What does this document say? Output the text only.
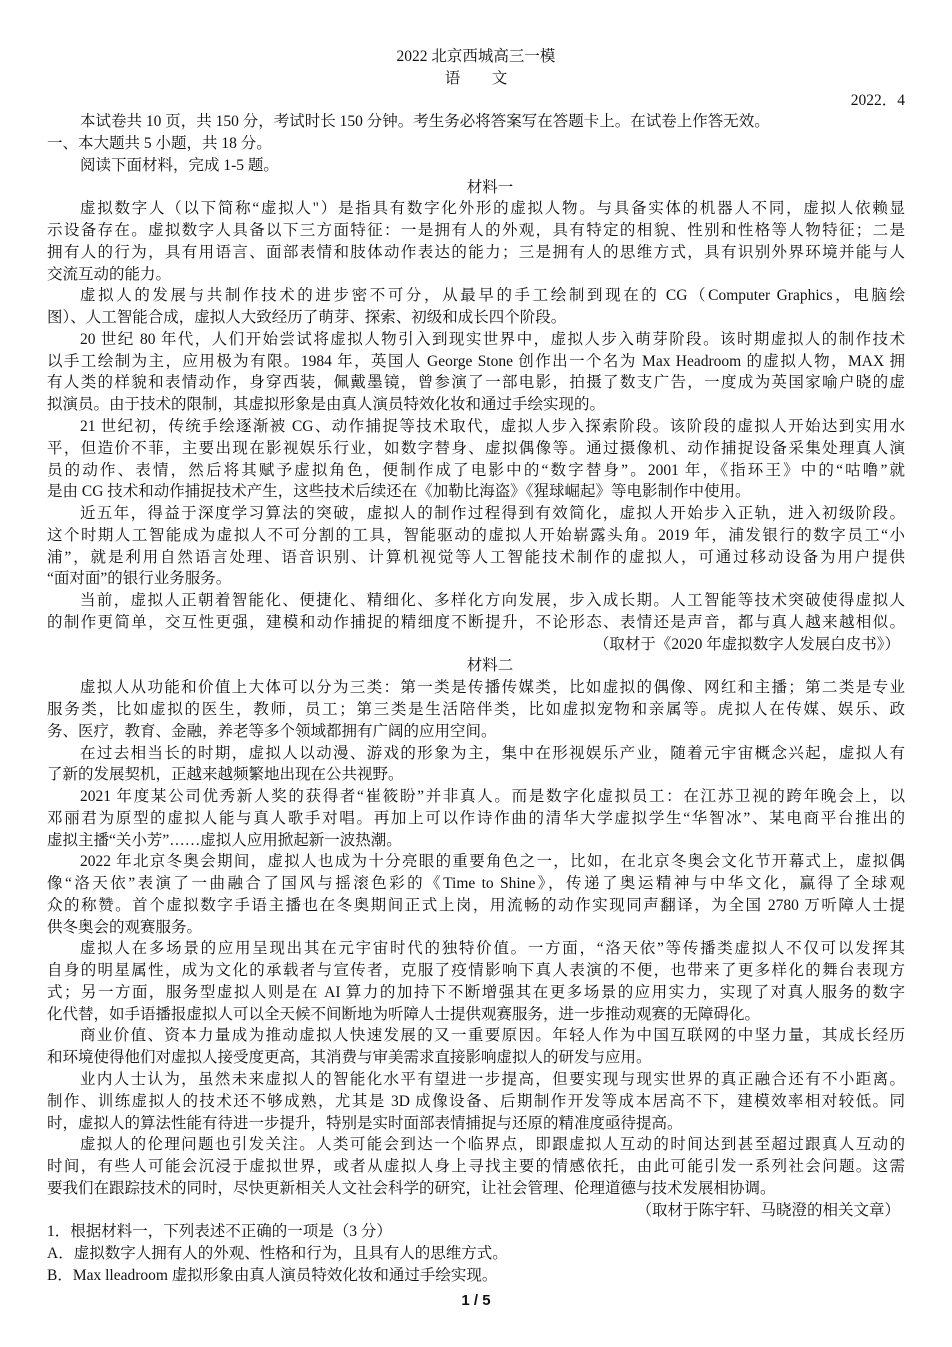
2022 北京西城高三一模
语　文
2022．4
本试卷共 10 页，共 150 分，考试时长 150 分钟。考生务必将答案写在答题卡上。在试卷上作答无效。
一、本大题共 5 小题，共 18 分。
阅读下面材料，完成 1-5 题。
材料一
虚拟数字人（以下简称“虚拟人"）是指具有数字化外形的虚拟人物。与具备实体的机器人不同，虚拟人依赖显
示设备存在。虚拟数字人具备以下三方面特征：一是拥有人的外观，具有特定的相貌、性别和性格等人物特征；二是
拥有人的行为，具有用语言、面部表情和肢体动作表达的能力；三是拥有人的思维方式，具有识别外界环境并能与人
交流互动的能力。
虚拟人的发展与共制作技术的进步密不可分，从最早的手工绘制到现在的 CG（Computer Graphics，电脑绘
图）、人工智能合成，虚拟人大致经历了萌芽、探索、初级和成长四个阶段。
20 世纪 80 年代，人们开始尝试将虚拟人物引入到现实世界中，虚拟人步入萌芽阶段。该时期虚拟人的制作技术
以手工绘制为主，应用极为有限。1984 年，英国人 George Stone 创作出一个名为 Max Headroom 的虚拟人物，MAX 拥
有人类的样貌和表情动作，身穿西装，佩戴墨镜，曾参演了一部电影，拍摄了数支广告，一度成为英国家喻户晓的虚
拟演员。由于技术的限制，其虚拟形象是由真人演员特效化妆和通过手绘实现的。
21 世纪初，传统手绘逐渐被 CG、动作捕捉等技术取代，虚拟人步入探索阶段。该阶段的虚拟人开始达到实用水
平，但造价不菲，主要出现在影视娱乐行业，如数字替身、虚拟偶像等。通过摄像机、动作捕捉设备采集处理真人演
员的动作、表情，然后将其赋予虚拟角色，便制作成了电影中的“数字替身”。2001 年，《指环王》中的“咕噜”就
是由 CG 技术和动作捕捉技术产生，这些技术后续还在《加勒比海盗》《猩球崛起》等电影制作中使用。
近五年，得益于深度学习算法的突破，虚拟人的制作过程得到有效简化，虚拟人开始步入正轨，进入初级阶段。
这个时期人工智能成为虚拟人不可分割的工具，智能驱动的虚拟人开始崭露头角。2019 年，浦发银行的数字员工“小
浦”，就是利用自然语言处理、语音识别、计算机视觉等人工智能技术制作的虚拟人，可通过移动设备为用户提供
“面对面”的银行业务服务。
当前，虚拟人正朝着智能化、便捷化、精细化、多样化方向发展，步入成长期。人工智能等技术突破使得虚拟人
的制作更简单，交互性更强，建模和动作捕捉的精细度不断提升，不论形态、表情还是声音，都与真人越来越相似。
（取材于《2020 年虚拟数字人发展白皮书》）
材料二
虚拟人从功能和价值上大体可以分为三类：第一类是传播传媒类，比如虚拟的偶像、网红和主播；第二类是专业
服务类，比如虚拟的医生，教师，员工；第三类是生活陪伴类，比如虚拟宠物和亲属等。虎拟人在传媒、娱乐、政
务、医疗，教育、金融，养老等多个领域都拥有广阔的应用空间。
在过去相当长的时期，虚拟人以动漫、游戏的形象为主，集中在形视娱乐产业，随着元宇宙概念兴起，虚拟人有
了新的发展契机，正越来越频繁地出现在公共视野。
2021 年度某公司优秀新人奖的获得者“崔筱盼”并非真人。而是数字化虚拟员工：在江苏卫视的跨年晚会上，以
邓丽君为原型的虚拟人能与真人歌手对唱。再加上可以作诗作曲的清华大学虚拟学生“华智冰”、某电商平台推出的
虚拟主播“关小芳”……虚拟人应用掀起新一波热潮。
2022 年北京冬奥会期间，虚拟人也成为十分亮眼的重要角色之一，比如，在北京冬奥会文化节开幕式上，虚拟偶
像“洛天依”表演了一曲融合了国风与摇滚色彩的《Time to Shine》，传递了奥运精神与中华文化，赢得了全球观
众的称赞。首个虚拟数字手语主播也在冬奥期间正式上岗，用流畅的动作实现同声翻译，为全国 2780 万听障人士提
供冬奥会的观赛服务。
虚拟人在多场景的应用呈现出其在元宇宙时代的独特价值。一方面，“洛天依”等传播类虚拟人不仅可以发挥其
自身的明星属性，成为文化的承载者与宣传者，克服了疫情影响下真人表演的不便，也带来了更多样化的舞台表现方
式；另一方面，服务型虚拟人则是在 AI 算力的加持下不断增强其在更多场景的应用实力，实现了对真人服务的数字
化代替，如手语播报虚拟人可以全天候不间断地为听障人士提供观赛服务，进一步推动观赛的无障碍化。
商业价值、资本力量成为推动虚拟人快速发展的又一重要原因。年轻人作为中国互联网的中坚力量，其成长经历
和环境使得他们对虚拟人接受度更高，其消费与审美需求直接影响虚拟人的研发与应用。
业内人士认为，虽然未来虚拟人的智能化水平有望进一步提高，但要实现与现实世界的真正融合还有不小距离。
制作、训练虚拟人的技术还不够成熟，尤其是 3D 成像设备、后期制作开发等成本居高不下，建模效率相对较低。同
时，虚拟人的算法性能有待进一步提升，特别是实时面部表情捕捉与还原的精准度亟待提高。
虚拟人的伦理问题也引发关注。人类可能会到达一个临界点，即跟虚拟人互动的时间达到甚至超过跟真人互动的
时间，有些人可能会沉浸于虚拟世界，或者从虚拟人身上寻找主要的情感依托，由此可能引发一系列社会问题。这需
要我们在跟踪技术的同时，尽快更新相关人文社会科学的研究，让社会管理、伦理道德与技术发展相协调。
（取材于陈宇轩、马晓澄的相关文章）
1．根据材料一，下列表述不正确的一项是（3 分）
A．虚拟数字人拥有人的外观、性格和行为，且具有人的思维方式。
B．Max lleadroom 虚拟形象由真人演员特效化妆和通过手绘实现。
1 / 5
